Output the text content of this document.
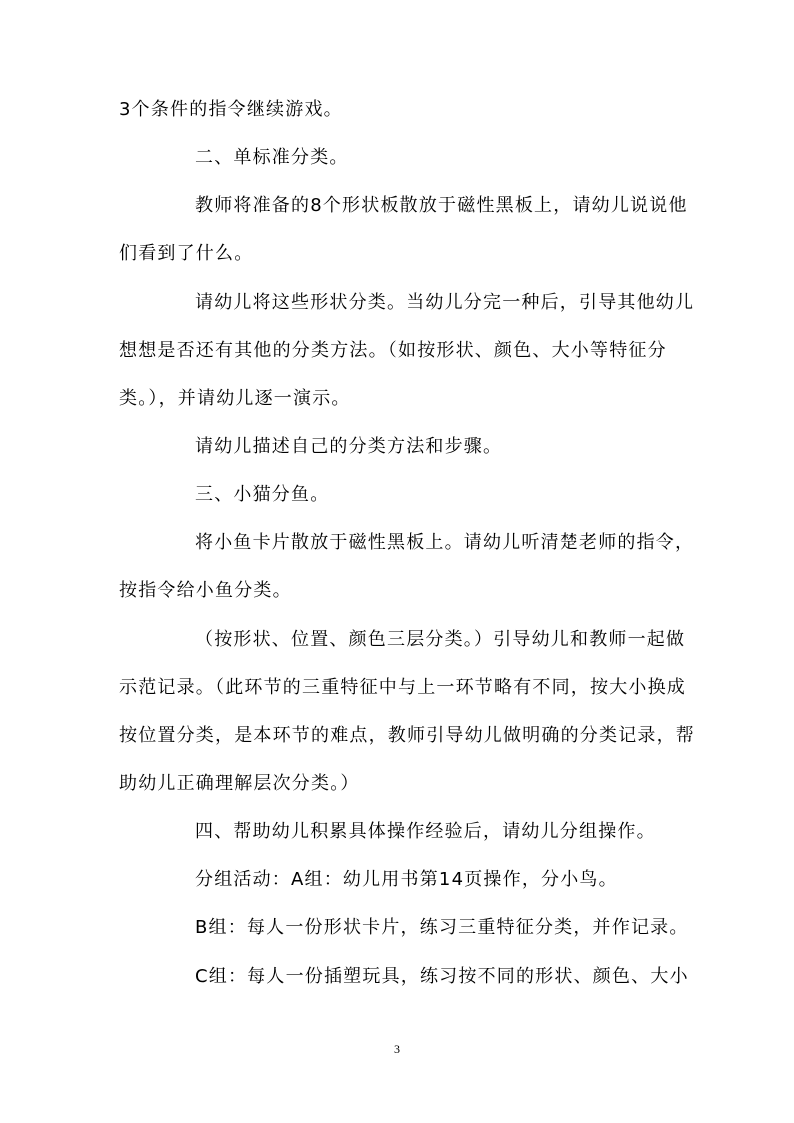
3个条件的指令继续游戏。
二、单标准分类。
教师将准备的8个形状板散放于磁性黑板上，请幼儿说说他
们看到了什么。
请幼儿将这些形状分类。当幼儿分完一种后，引导其他幼儿
想想是否还有其他的分类方法。（如按形状、颜色、大小等特征分
类。），并请幼儿逐一演示。
请幼儿描述自己的分类方法和步骤。
三、小猫分鱼。
将小鱼卡片散放于磁性黑板上。请幼儿听清楚老师的指令，
按指令给小鱼分类。
（按形状、位置、颜色三层分类。）引导幼儿和教师一起做
示范记录。（此环节的三重特征中与上一环节略有不同，按大小换成
按位置分类，是本环节的难点，教师引导幼儿做明确的分类记录，帮
助幼儿正确理解层次分类。）
四、帮助幼儿积累具体操作经验后，请幼儿分组操作。
分组活动：A组：幼儿用书第14页操作，分小鸟。
B组：每人一份形状卡片，练习三重特征分类，并作记录。
C组：每人一份插塑玩具，练习按不同的形状、颜色、大小
3
